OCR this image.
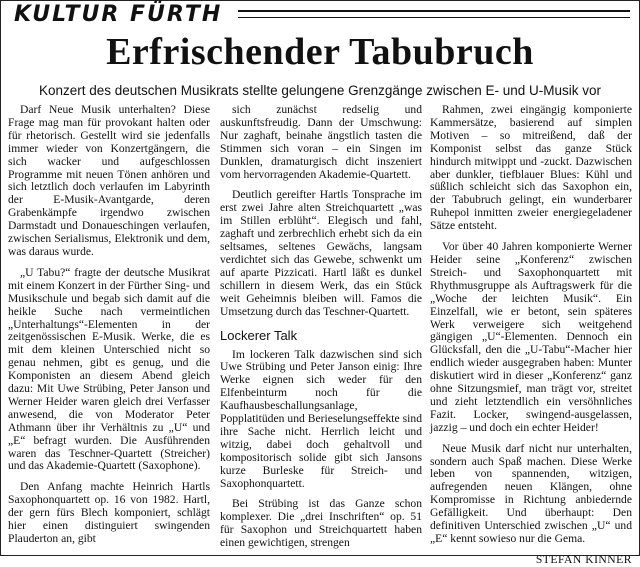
KULTUR FÜRTH
Erfrischender Tabubruch
Konzert des deutschen Musikrats stellte gelungene Grenzgänge zwischen E- und U-Musik vor

Darf Neue Musik unterhalten? Diese Frage mag man für provokant halten oder für rhetorisch. Gestellt wird sie jedenfalls immer wieder von Konzertgängern, die sich wacker und aufgeschlossen Programme mit neuen Tönen anhören und sich letztlich doch verlaufen im Labyrinth der E-Musik-Avantgarde, deren Grabenkämpfe irgendwo zwischen Darmstadt und Donaueschingen verlaufen, zwischen Serialismus, Elektronik und dem, was daraus wurde.

„U Tabu?“ fragte der deutsche Musikrat mit einem Konzert in der Fürther Sing- und Musikschule und begab sich damit auf die heikle Suche nach vermeintlichen „Unterhaltungs“-Elementen in der zeitgenössischen E-Musik. Werke, die es mit dem kleinen Unterschied nicht so genau nehmen, gibt es genug, und die Komponisten an diesem Abend gleich dazu: Mit Uwe Strübing, Peter Janson und Werner Heider waren gleich drei Verfasser anwesend, die von Moderator Peter Athmann über ihr Verhältnis zu „U“ und „E“ befragt wurden. Die Ausführenden waren das Teschner-Quartett (Streicher) und das Akademie-Quartett (Saxophone).

Den Anfang machte Heinrich Hartls Saxophonquartett op. 16 von 1982. Hartl, der gern fürs Blech komponiert, schlägt hier einen distinguiert swingenden Plauderton an, gibt

sich zunächst redselig und auskunftsfreudig. Dann der Umschwung: Nur zaghaft, beinahe ängstlich tasten die Stimmen sich voran – ein Singen im Dunklen, dramaturgisch dicht inszeniert vom hervorragenden Akademie-Quartett.

Deutlich gereifter Hartls Tonsprache im erst zwei Jahre alten Streichquartett „was im Stillen erblüht“. Elegisch und fahl, zaghaft und zerbrechlich erhebt sich da ein seltsames, seltenes Gewächs, langsam verdichtet sich das Gewebe, schwenkt um auf aparte Pizzicati. Hartl läßt es dunkel schillern in diesem Werk, das ein Stück weit Geheimnis bleiben will. Famos die Umsetzung durch das Teschner-Quartett.

Lockerer Talk

Im lockeren Talk dazwischen sind sich Uwe Strübing und Peter Janson einig: Ihre Werke eignen sich weder für den Elfenbeinturm noch für die Kaufhausbeschallungsanlage, Popplatitüden und Berieselungseffekte sind ihre Sache nicht. Herrlich leicht und witzig, dabei doch gehaltvoll und kompositorisch solide gibt sich Jansons kurze Burleske für Streich- und Saxophonquartett.

Bei Strübing ist das Ganze schon komplexer. Die „drei Inschriften“ op. 51 für Saxophon und Streichquartett haben einen gewichtigen, strengen

Rahmen, zwei eingängig komponierte Kammersätze, basierend auf simplen Motiven – so mitreißend, daß der Komponist selbst das ganze Stück hindurch mitwippt und -zuckt. Dazwischen aber dunkler, tiefblauer Blues: Kühl und süßlich schleicht sich das Saxophon ein, der Tabubruch gelingt, ein wunderbarer Ruhepol inmitten zweier energiegeladener Sätze entsteht.

Vor über 40 Jahren komponierte Werner Heider seine „Konferenz“ zwischen Streich- und Saxophonquartett mit Rhythmusgruppe als Auftragswerk für die „Woche der leichten Musik“. Ein Einzelfall, wie er betont, sein späteres Werk verweigere sich weitgehend gängigen „U“-Elementen. Dennoch ein Glücksfall, den die „U-Tabu“-Macher hier endlich wieder ausgegraben haben: Munter diskutiert wird in dieser „Konferenz“ ganz ohne Sitzungsmief, man trägt vor, streitet und zieht letztendlich ein versöhnliches Fazit. Locker, swingend-ausgelassen, jazzig – und doch ein echter Heider!

Neue Musik darf nicht nur unterhalten, sondern auch Spaß machen. Diese Werke leben von spannenden, witzigen, aufregenden neuen Klängen, ohne Kompromisse in Richtung anbiedernde Gefälligkeit. Und überhaupt: Den definitiven Unterschied zwischen „U“ und „E“ kennt sowieso nur die Gema.

STEFAN KINNER
